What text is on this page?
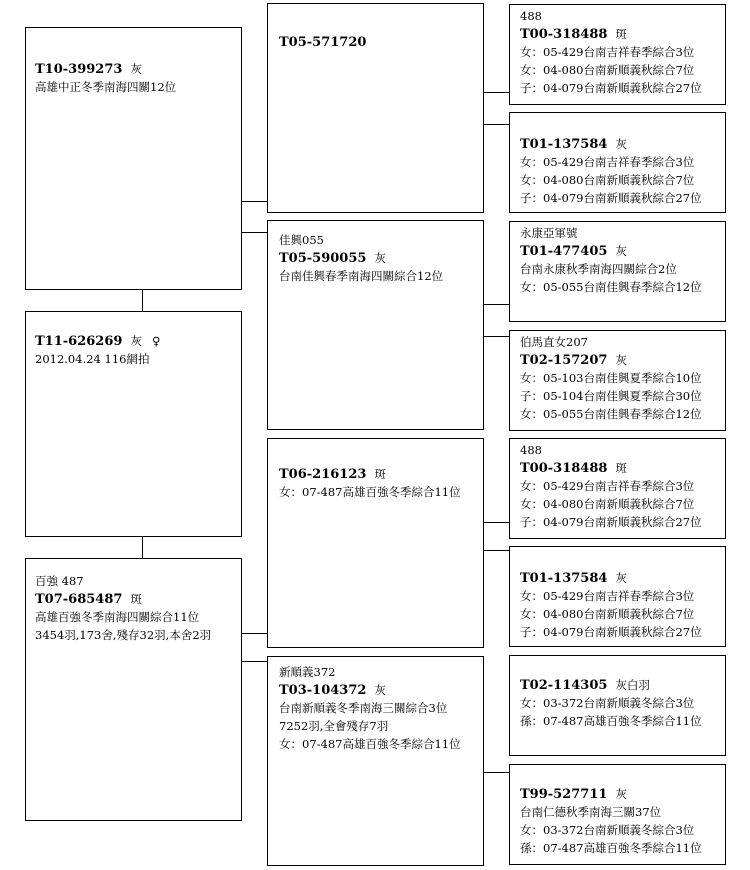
T10-399273 灰
高雄中正冬季南海四關12位
T11-626269 灰 ♀
2012.04.24 116網拍
百強 487
T07-685487 斑
高雄百強冬季南海四關綜合11位
3454羽,173舍,殘存32羽,本舍2羽
T05-571720
佳興055
T05-590055 灰
台南佳興春季南海四關綜合12位
T06-216123 斑
女：07-487高雄百強冬季綜合11位
新順義372
T03-104372 灰
台南新順義冬季南海三關綜合3位
7252羽,全會殘存7羽
女：07-487高雄百強冬季綜合11位
488
T00-318488 斑
女：05-429台南吉祥春季綜合3位
女：04-080台南新順義秋綜合7位
子：04-079台南新順義秋綜合27位
T01-137584 灰
女：05-429台南吉祥春季綜合3位
女：04-080台南新順義秋綜合7位
子：04-079台南新順義秋綜合27位
永康亞軍號
T01-477405 灰
台南永康秋季南海四關綜合2位
女：05-055台南佳興春季綜合12位
伯馬直女207
T02-157207 灰
女：05-103台南佳興夏季綜合10位
子：05-104台南佳興夏季綜合30位
女：05-055台南佳興春季綜合12位
488
T00-318488 斑
女：05-429台南吉祥春季綜合3位
女：04-080台南新順義秋綜合7位
子：04-079台南新順義秋綜合27位
T01-137584 灰
女：05-429台南吉祥春季綜合3位
女：04-080台南新順義秋綜合7位
子：04-079台南新順義秋綜合27位
T02-114305 灰白羽
女：03-372台南新順義冬綜合3位
孫：07-487高雄百強冬季綜合11位
T99-527711 灰
台南仁德秋季南海三關37位
女：03-372台南新順義冬綜合3位
孫：07-487高雄百強冬季綜合11位
